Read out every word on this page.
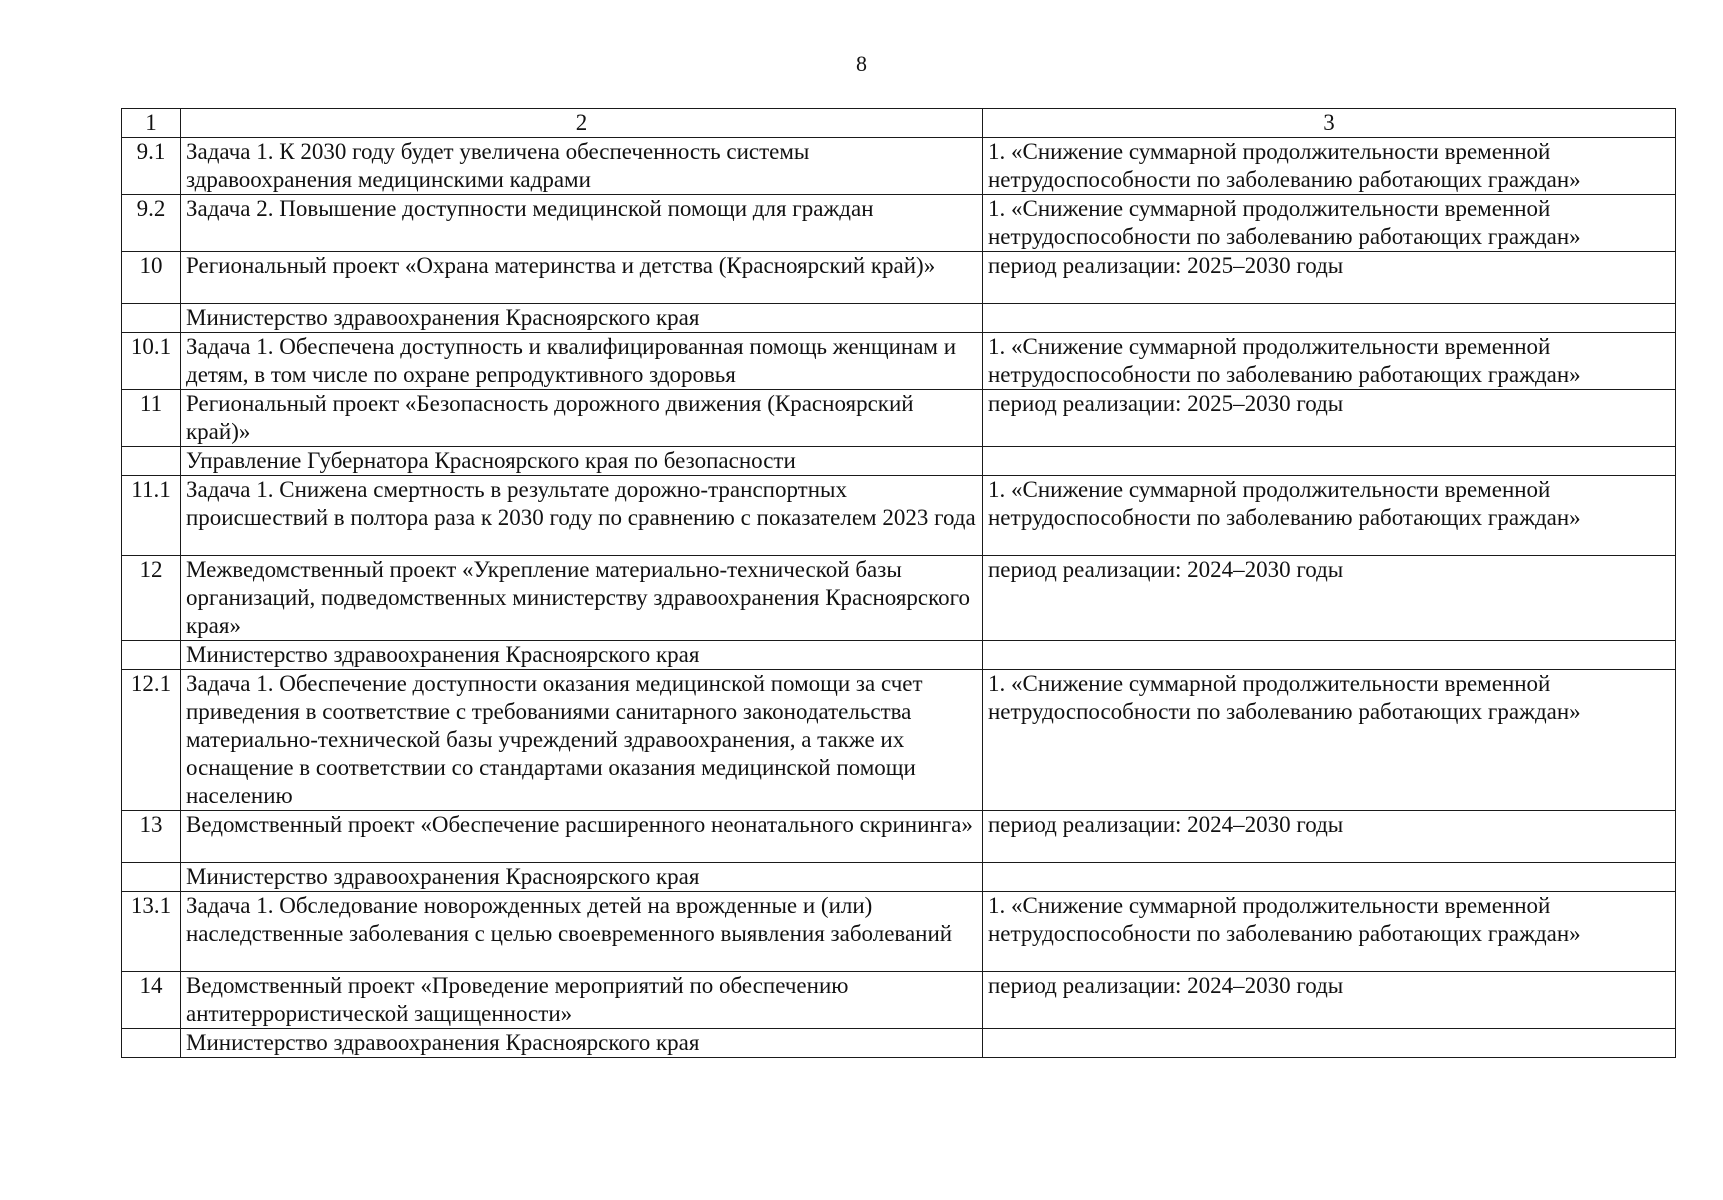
8
1	2	3
9.1	Задача 1. К 2030 году будет увеличена обеспеченность системы здравоохранения медицинскими кадрами	1. «Снижение суммарной продолжительности временной нетрудоспособности по заболеванию работающих граждан»
9.2	Задача 2. Повышение доступности медицинской помощи для граждан	1. «Снижение суммарной продолжительности временной нетрудоспособности по заболеванию работающих граждан»
10	Региональный проект «Охрана материнства и детства (Красноярский край)»	период реализации: 2025–2030 годы
	Министерство здравоохранения Красноярского края	
10.1	Задача 1. Обеспечена доступность и квалифицированная помощь женщинам и детям, в том числе по охране репродуктивного здоровья	1. «Снижение суммарной продолжительности временной нетрудоспособности по заболеванию работающих граждан»
11	Региональный проект «Безопасность дорожного движения (Красноярский край)»	период реализации: 2025–2030 годы
	Управление Губернатора Красноярского края по безопасности	
11.1	Задача 1. Снижена смертность в результате дорожно-транспортных происшествий в полтора раза к 2030 году по сравнению с показателем 2023 года	1. «Снижение суммарной продолжительности временной нетрудоспособности по заболеванию работающих граждан»
12	Межведомственный проект «Укрепление материально-технической базы организаций, подведомственных министерству здравоохранения Красноярского края»	период реализации: 2024–2030 годы
	Министерство здравоохранения Красноярского края	
12.1	Задача 1. Обеспечение доступности оказания медицинской помощи за счет приведения в соответствие с требованиями санитарного законодательства материально-технической базы учреждений здравоохранения, а также их оснащение в соответствии со стандартами оказания медицинской помощи населению	1. «Снижение суммарной продолжительности временной нетрудоспособности по заболеванию работающих граждан»
13	Ведомственный проект «Обеспечение расширенного неонатального скрининга»	период реализации: 2024–2030 годы
	Министерство здравоохранения Красноярского края	
13.1	Задача 1. Обследование новорожденных детей на врожденные и (или) наследственные заболевания с целью своевременного выявления заболеваний	1. «Снижение суммарной продолжительности временной нетрудоспособности по заболеванию работающих граждан»
14	Ведомственный проект «Проведение мероприятий по обеспечению антитеррористической защищенности»	период реализации: 2024–2030 годы
	Министерство здравоохранения Красноярского края	
